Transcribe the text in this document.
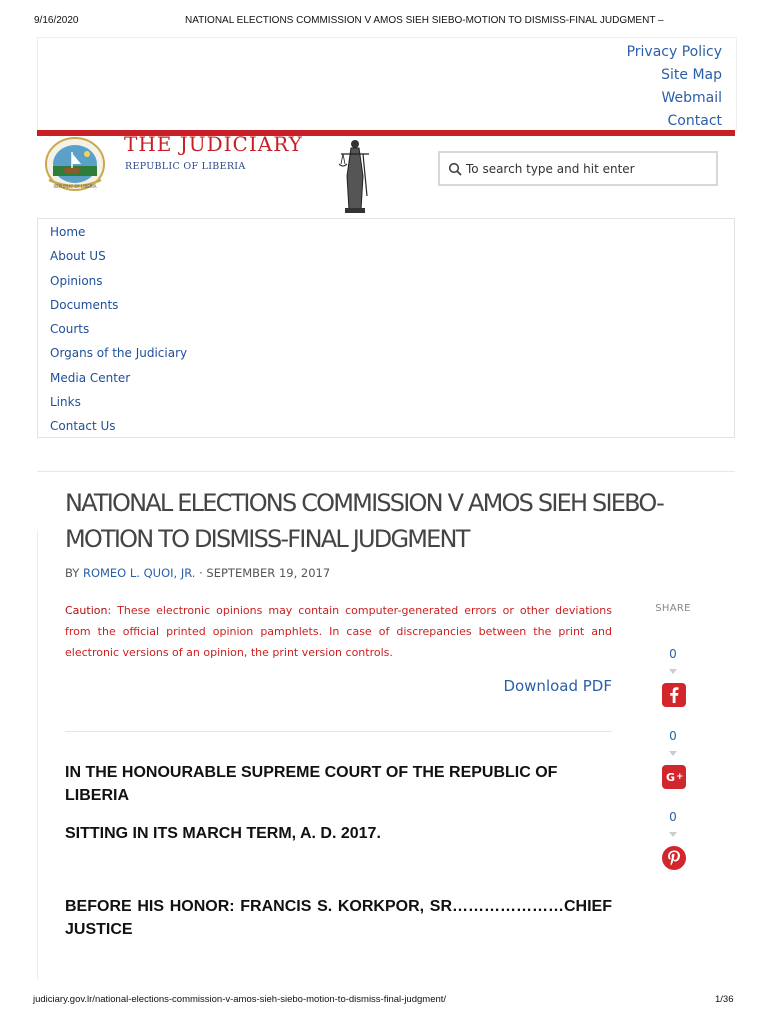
9/16/2020	NATIONAL ELECTIONS COMMISSION V AMOS SIEH SIEBO-MOTION TO DISMISS-FINAL JUDGMENT –
Privacy Policy
Site Map
Webmail
Contact
REPUBLIC OF LIBERIA
THE JUDICIARY
REPUBLIC OF LIBERIA
To search type and hit enter
Home
About US
Opinions
Documents
Courts
Organs of the Judiciary
Media Center
Links
Contact Us
NATIONAL ELECTIONS COMMISSION V AMOS SIEH SIEBO-MOTION TO DISMISS-FINAL JUDGMENT
BY ROMEO L. QUOI, JR. · SEPTEMBER 19, 2017
Caution: These electronic opinions may contain computer-generated errors or other deviations from the official printed opinion pamphlets. In case of discrepancies between the print and electronic versions of an opinion, the print version controls.
Download PDF
IN THE HONOURABLE SUPREME COURT OF THE REPUBLIC OF LIBERIA
SITTING IN ITS MARCH TERM, A. D. 2017.
BEFORE HIS HONOR: FRANCIS S. KORKPOR, SR…………………CHIEF JUSTICE
SHARE
0
0
G +
0
judiciary.gov.lr/national-elections-commission-v-amos-sieh-siebo-motion-to-dismiss-final-judgment/	1/36
